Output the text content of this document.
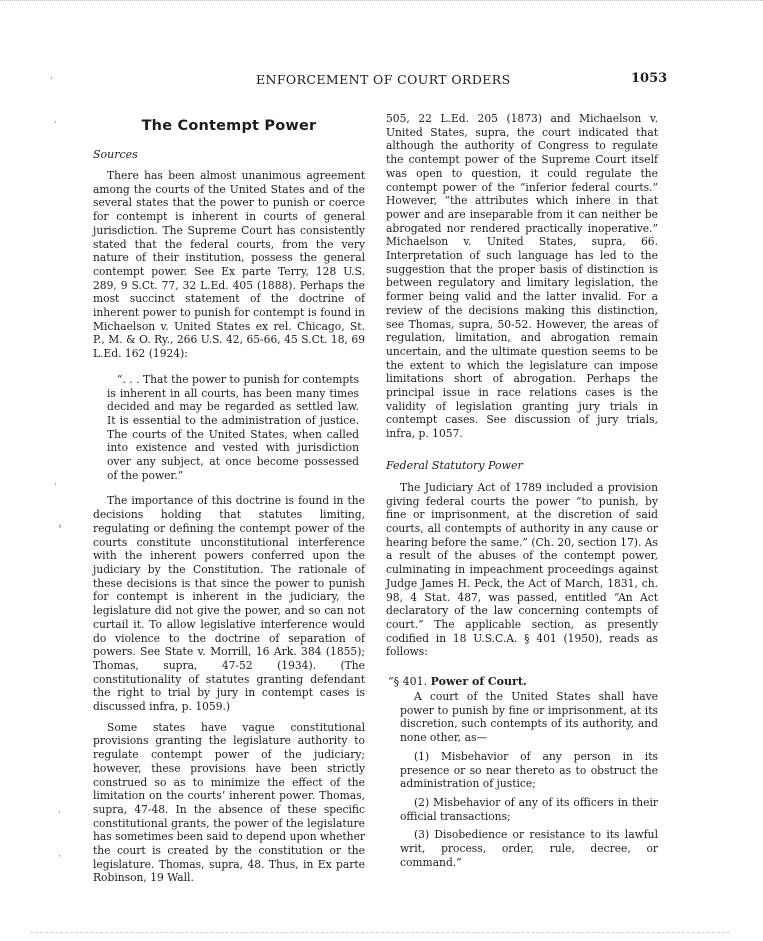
ENFORCEMENT OF COURT ORDERS	1053
·
·
·
›
·
·
The Contempt Power
Sources

There has been almost unanimous agreement among the courts of the United States and of the several states that the power to punish or coerce for contempt is inherent in courts of general jurisdiction. The Supreme Court has consistently stated that the federal courts, from the very nature of their institution, possess the general contempt power. See Ex parte Terry, 128 U.S. 289, 9 S.Ct. 77, 32 L.Ed. 405 (1888). Perhaps the most succinct statement of the doctrine of inherent power to punish for contempt is found in Michaelson v. United States ex rel. Chicago, St. P., M. & O. Ry., 266 U.S. 42, 65-66, 45 S.Ct. 18, 69 L.Ed. 162 (1924):

“. . . That the power to punish for contempts is inherent in all courts, has been many times decided and may be regarded as settled law. It is essential to the administration of justice. The courts of the United States, when called into existence and vested with jurisdiction over any subject, at once become possessed of the power.”

The importance of this doctrine is found in the decisions holding that statutes limiting, regulating or defining the contempt power of the courts constitute unconstitutional interference with the inherent powers conferred upon the judiciary by the Constitution. The rationale of these decisions is that since the power to punish for contempt is inherent in the judiciary, the legislature did not give the power, and so can not curtail it. To allow legislative interference would do violence to the doctrine of separation of powers. See State v. Morrill, 16 Ark. 384 (1855); Thomas, supra, 47-52 (1934). (The constitutionality of statutes granting defendant the right to trial by jury in contempt cases is discussed infra, p. 1059.)

Some states have vague constitutional provisions granting the legislature authority to regulate contempt power of the judiciary; however, these provisions have been strictly construed so as to minimize the effect of the limitation on the courts’ inherent power. Thomas, supra, 47-48. In the absence of these specific constitutional grants, the power of the legislature has sometimes been said to depend upon whether the court is created by the constitution or the legislature. Thomas, supra, 48. Thus, in Ex parte Robinson, 19 Wall.

505, 22 L.Ed. 205 (1873) and Michaelson v. United States, supra, the court indicated that although the authority of Congress to regulate the contempt power of the Supreme Court itself was open to question, it could regulate the contempt power of the “inferior federal courts.” However, “the attributes which inhere in that power and are inseparable from it can neither be abrogated nor rendered practically inoperative.” Michaelson v. United States, supra, 66. Interpretation of such language has led to the suggestion that the proper basis of distinction is between regulatory and limitary legislation, the former being valid and the latter invalid. For a review of the decisions making this distinction, see Thomas, supra, 50-52. However, the areas of regulation, limitation, and abrogation remain uncertain, and the ultimate question seems to be the extent to which the legislature can impose limitations short of abrogation. Perhaps the principal issue in race relations cases is the validity of legislation granting jury trials in contempt cases. See discussion of jury trials, infra, p. 1057.

Federal Statutory Power

The Judiciary Act of 1789 included a provision giving federal courts the power “to punish, by fine or imprisonment, at the discretion of said courts, all contempts of authority in any cause or hearing before the same.” (Ch. 20, section 17). As a result of the abuses of the contempt power, culminating in impeachment proceedings against Judge James H. Peck, the Act of March, 1831, ch. 98, 4 Stat. 487, was passed, entitled “An Act declaratory of the law concerning contempts of court.” The applicable section, as presently codified in 18 U.S.C.A. § 401 (1950), reads as follows:

“§ 401. Power of Court.

A court of the United States shall have power to punish by fine or imprisonment, at its discretion, such contempts of its authority, and none other, as—

(1) Misbehavior of any person in its presence or so near thereto as to obstruct the administration of justice;

(2) Misbehavior of any of its officers in their official transactions;

(3) Disobedience or resistance to its lawful writ, process, order, rule, decree, or command.”
